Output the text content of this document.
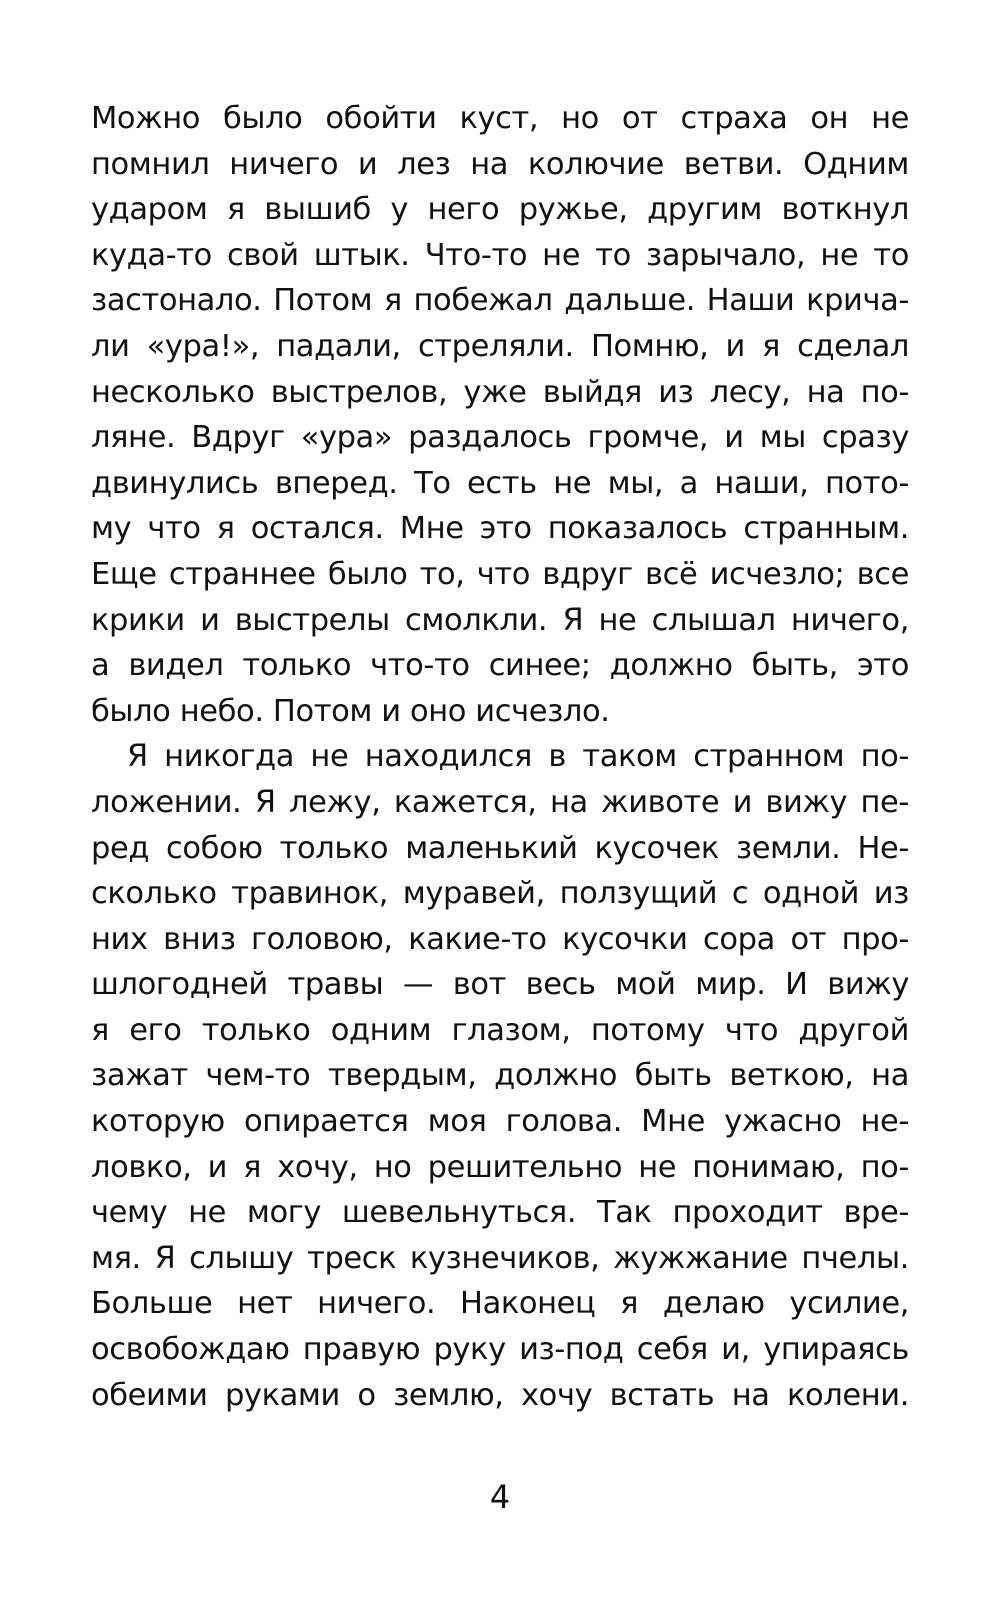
Можно было обойти куст, но от страха он не
помнил ничего и лез на колючие ветви. Одним
ударом я вышиб у него ружье, другим воткнул
куда-то свой штык. Что-то не то зарычало, не то
застонало. Потом я побежал дальше. Наши крича-
ли «ура!», падали, стреляли. Помню, и я сделал
несколько выстрелов, уже выйдя из лесу, на по-
ляне. Вдруг «ура» раздалось громче, и мы сразу
двинулись вперед. То есть не мы, а наши, пото-
му что я остался. Мне это показалось странным.
Еще страннее было то, что вдруг всё исчезло; все
крики и выстрелы смолкли. Я не слышал ничего,
а видел только что-то синее; должно быть, это
было небо. Потом и оно исчезло.
Я никогда не находился в таком странном по-
ложении. Я лежу, кажется, на животе и вижу пе-
ред собою только маленький кусочек земли. Не-
сколько травинок, муравей, ползущий с одной из
них вниз головою, какие-то кусочки сора от про-
шлогодней травы — вот весь мой мир. И вижу
я его только одним глазом, потому что другой
зажат чем-то твердым, должно быть веткою, на
которую опирается моя голова. Мне ужасно не-
ловко, и я хочу, но решительно не понимаю, по-
чему не могу шевельнуться. Так проходит вре-
мя. Я слышу треск кузнечиков, жужжание пчелы.
Больше нет ничего. Наконец я делаю усилие,
освобождаю правую руку из-под себя и, упираясь
обеими руками о землю, хочу встать на колени.
4
